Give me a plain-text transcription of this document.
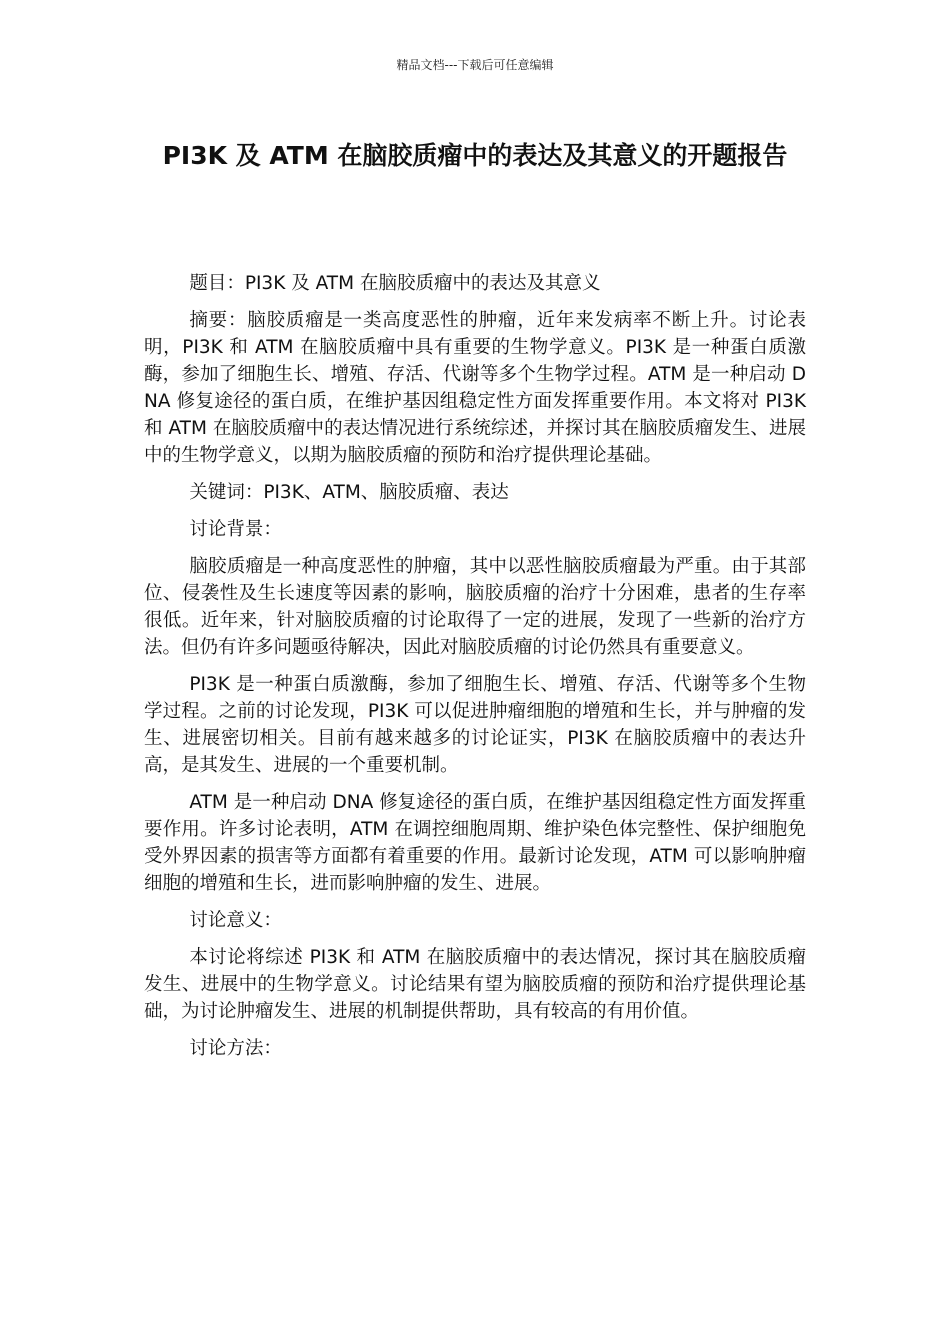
精品文档---下载后可任意编辑
PI3K 及 ATM 在脑胶质瘤中的表达及其意义的开题报告

题目：PI3K 及 ATM 在脑胶质瘤中的表达及其意义

摘要：脑胶质瘤是一类高度恶性的肿瘤，近年来发病率不断上升。讨论表明，PI3K 和 ATM 在脑胶质瘤中具有重要的生物学意义。PI3K 是一种蛋白质激酶，参加了细胞生长、增殖、存活、代谢等多个生物学过程。ATM 是一种启动 DNA 修复途径的蛋白质，在维护基因组稳定性方面发挥重要作用。本文将对 PI3K 和 ATM 在脑胶质瘤中的表达情况进行系统综述，并探讨其在脑胶质瘤发生、进展中的生物学意义，以期为脑胶质瘤的预防和治疗提供理论基础。

关键词：PI3K、ATM、脑胶质瘤、表达

讨论背景：

脑胶质瘤是一种高度恶性的肿瘤，其中以恶性脑胶质瘤最为严重。由于其部位、侵袭性及生长速度等因素的影响，脑胶质瘤的治疗十分困难，患者的生存率很低。近年来，针对脑胶质瘤的讨论取得了一定的进展，发现了一些新的治疗方法。但仍有许多问题亟待解决，因此对脑胶质瘤的讨论仍然具有重要意义。

PI3K 是一种蛋白质激酶，参加了细胞生长、增殖、存活、代谢等多个生物学过程。之前的讨论发现，PI3K 可以促进肿瘤细胞的增殖和生长，并与肿瘤的发生、进展密切相关。目前有越来越多的讨论证实，PI3K 在脑胶质瘤中的表达升高，是其发生、进展的一个重要机制。

ATM 是一种启动 DNA 修复途径的蛋白质，在维护基因组稳定性方面发挥重要作用。许多讨论表明，ATM 在调控细胞周期、维护染色体完整性、保护细胞免受外界因素的损害等方面都有着重要的作用。最新讨论发现，ATM 可以影响肿瘤细胞的增殖和生长，进而影响肿瘤的发生、进展。

讨论意义：

本讨论将综述 PI3K 和 ATM 在脑胶质瘤中的表达情况，探讨其在脑胶质瘤发生、进展中的生物学意义。讨论结果有望为脑胶质瘤的预防和治疗提供理论基础，为讨论肿瘤发生、进展的机制提供帮助，具有较高的有用价值。

讨论方法：
